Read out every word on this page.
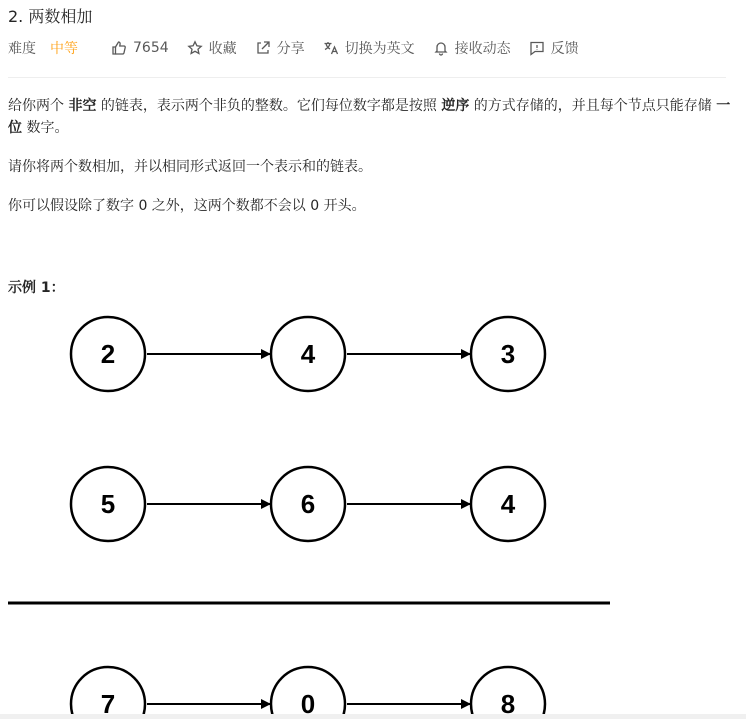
2. 两数相加
难度 中等	7654	收藏	分享	切换为英文	接收动态	反馈

给你两个 非空 的链表，表示两个非负的整数。它们每位数字都是按照 逆序 的方式存储的，并且每个节点只能存储 一位 数字。

请你将两个数相加，并以相同形式返回一个表示和的链表。

你可以假设除了数字 0 之外，这两个数都不会以 0 开头。

示例 1：
2	4	3
5	6	4
7	0	8
